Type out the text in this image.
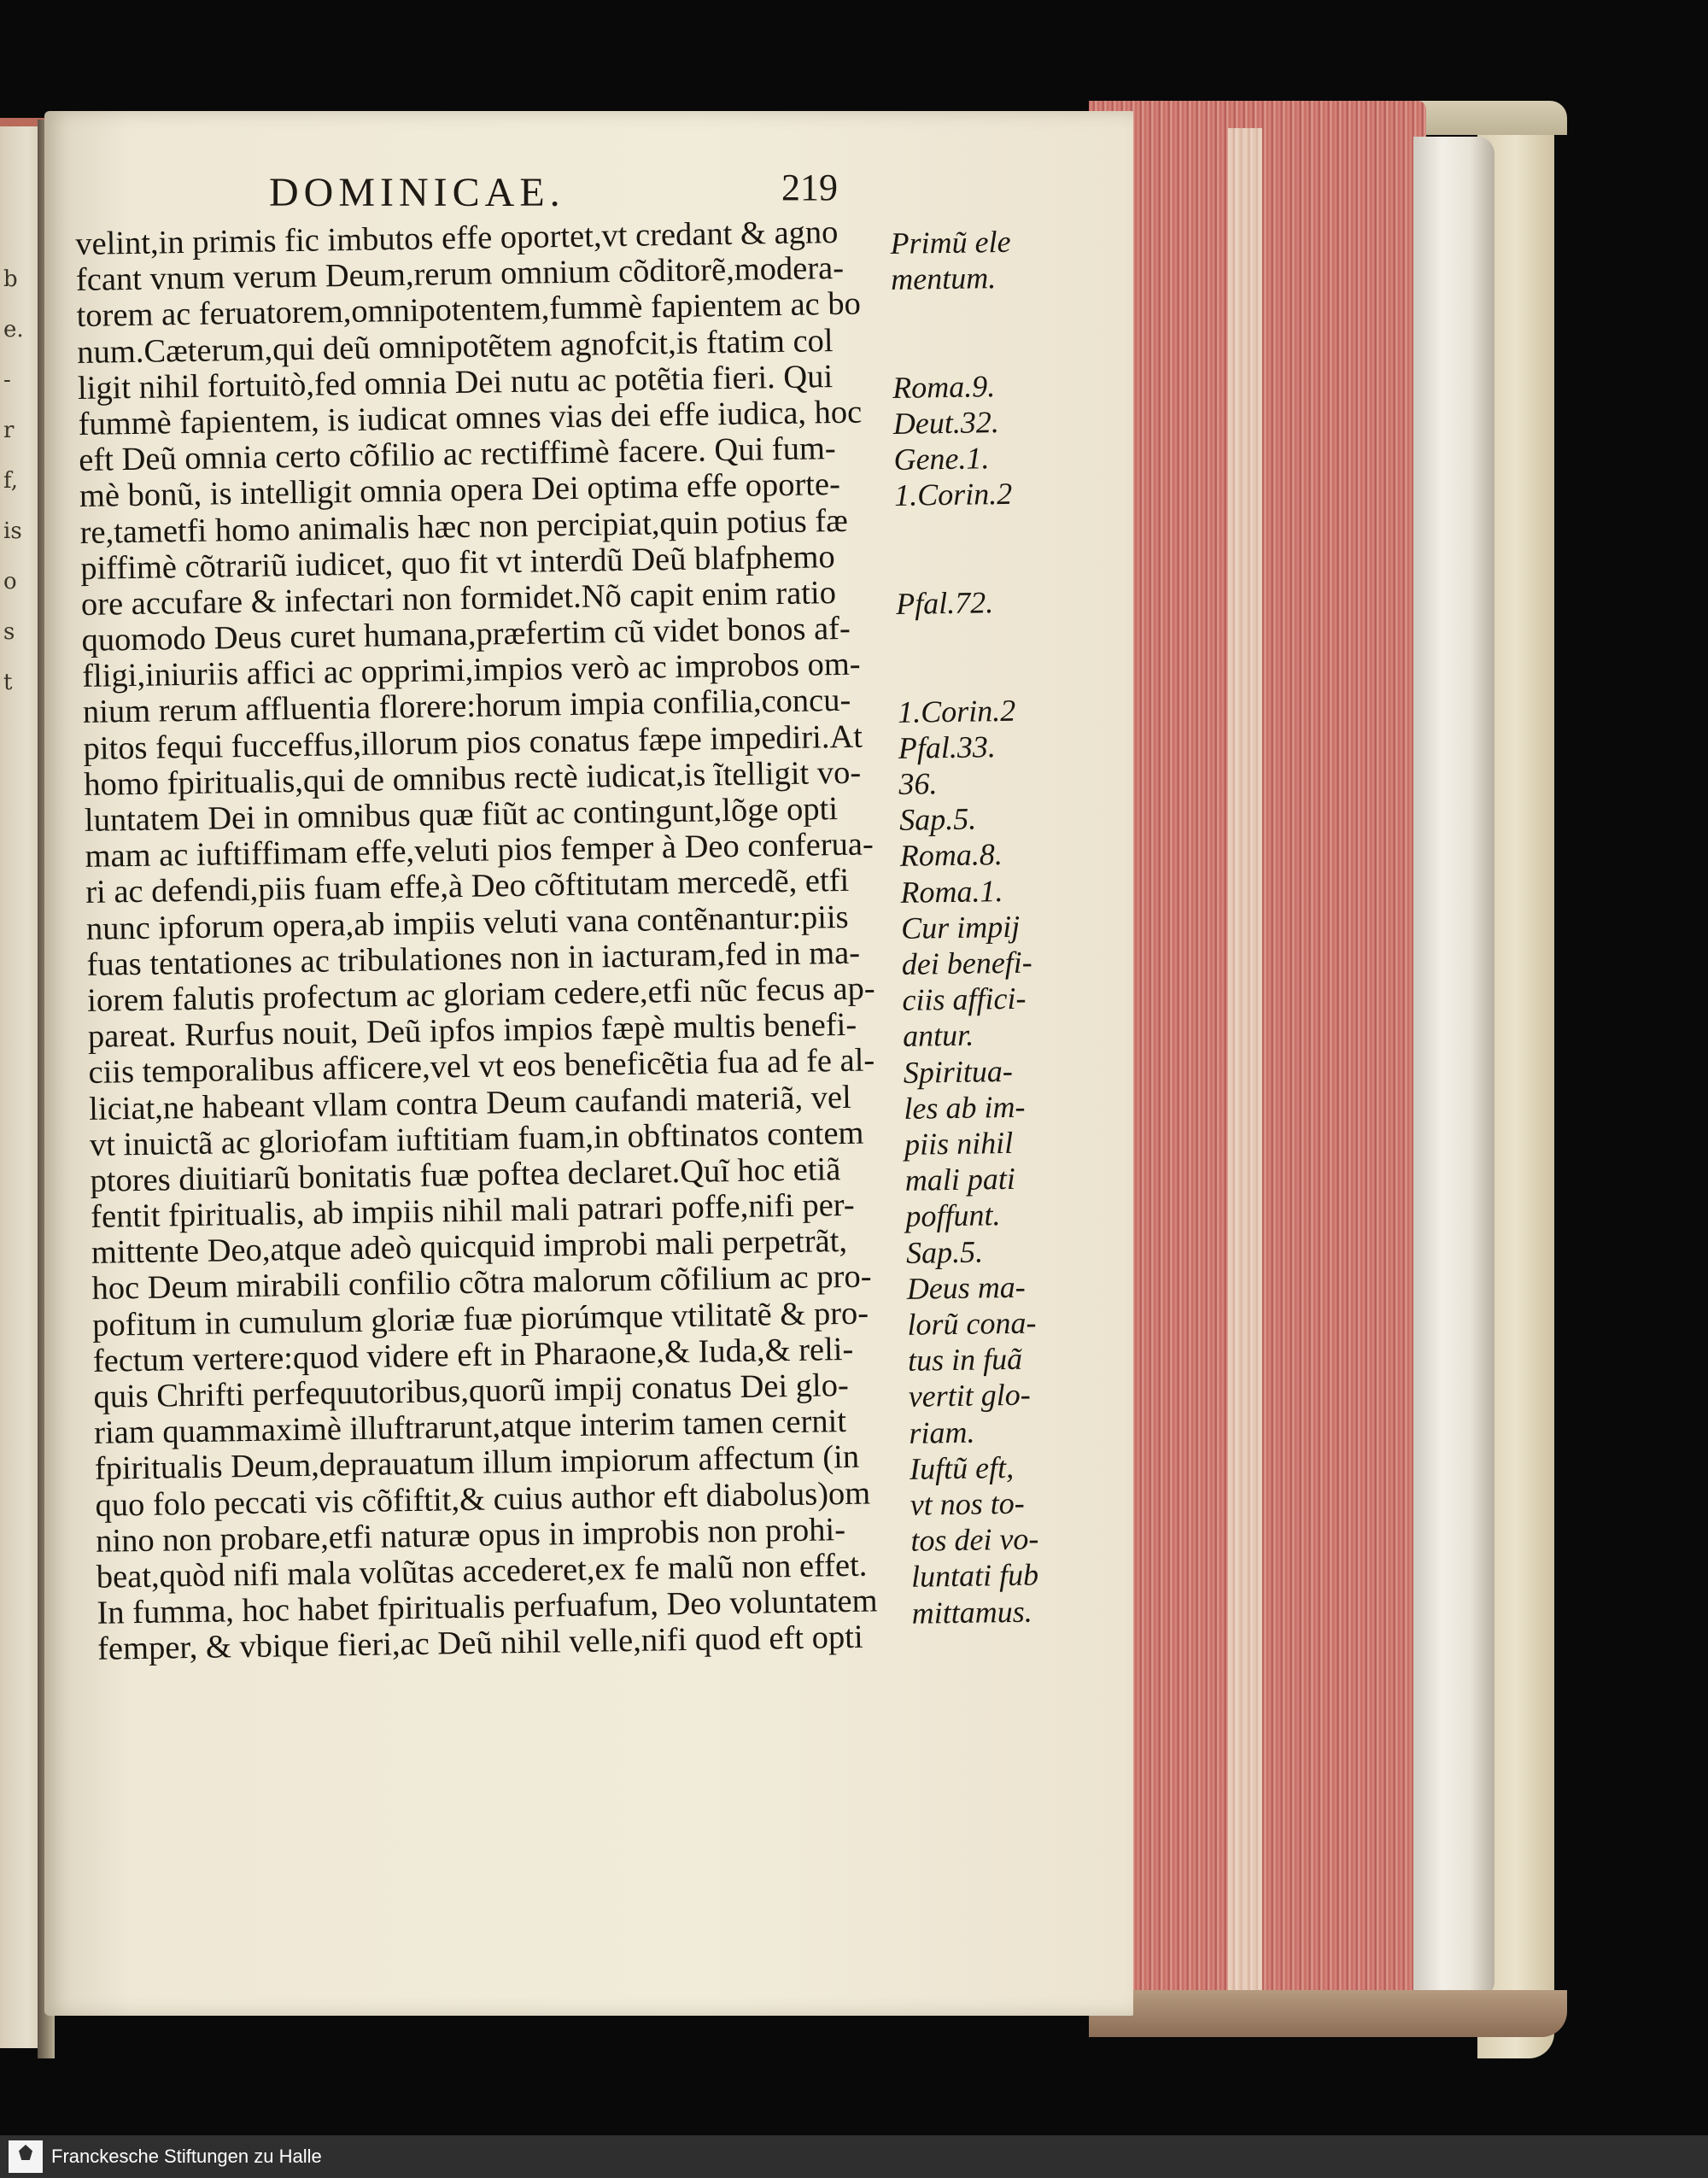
b
e.
-
r
f,
is
o
s
t
DOMINICAE.	219
velint,in primis fic imbutos effe oportet,vt credant & agno
fcant vnum verum Deum,rerum omnium cõditorẽ,modera-
torem ac feruatorem,omnipotentem,fummè fapientem ac bo
num.Cæterum,qui deũ omnipotẽtem agnofcit,is ftatim col
ligit nihil fortuitò,fed omnia Dei nutu ac potẽtia fieri. Qui
fummè fapientem, is iudicat omnes vias dei effe iudica, hoc
eft Deũ omnia certo cõfilio ac rectiffimè facere. Qui fum-
mè bonũ, is intelligit omnia opera Dei optima effe oporte-
re,tametfi homo animalis hæc non percipiat,quin potius fæ
piffimè cõtrariũ iudicet, quo fit vt interdũ Deũ blafphemo
ore accufare & infectari non formidet.Nõ capit enim ratio
quomodo Deus curet humana,præfertim cũ videt bonos af-
fligi,iniuriis affici ac opprimi,impios verò ac improbos om-
nium rerum affluentia florere:horum impia confilia,concu-
pitos fequi fucceffus,illorum pios conatus fæpe impediri.At
homo fpiritualis,qui de omnibus rectè iudicat,is ĩtelligit vo-
luntatem Dei in omnibus quæ fiũt ac contingunt,lõge opti
mam ac iuftiffimam effe,veluti pios femper à Deo conferua-
ri ac defendi,piis fuam effe,à Deo cõftitutam mercedẽ, etfi
nunc ipforum opera,ab impiis veluti vana contẽnantur:piis
fuas tentationes ac tribulationes non in iacturam,fed in ma-
iorem falutis profectum ac gloriam cedere,etfi nũc fecus ap-
pareat. Rurfus nouit, Deũ ipfos impios fæpè multis benefi-
ciis temporalibus afficere,vel vt eos beneficẽtia fua ad fe al-
liciat,ne habeant vllam contra Deum caufandi materiã, vel
vt inuictã ac gloriofam iuftitiam fuam,in obftinatos contem
ptores diuitiarũ bonitatis fuæ poftea declaret.Quĩ hoc etiã
fentit fpiritualis, ab impiis nihil mali patrari poffe,nifi per-
mittente Deo,atque adeò quicquid improbi mali perpetrãt,
hoc Deum mirabili confilio cõtra malorum cõfilium ac pro-
pofitum in cumulum gloriæ fuæ piorúmque vtilitatẽ & pro-
fectum vertere:quod videre eft in Pharaone,& Iuda,& reli-
quis Chrifti perfequutoribus,quorũ impij conatus Dei glo-
riam quammaximè illuftrarunt,atque interim tamen cernit
fpiritualis Deum,deprauatum illum impiorum affectum (in
quo folo peccati vis cõfiftit,& cuius author eft diabolus)om
nino non probare,etfi naturæ opus in improbis non prohi-
beat,quòd nifi mala volũtas accederet,ex fe malũ non effet.
In fumma, hoc habet fpiritualis perfuafum, Deo voluntatem
femper, & vbique fieri,ac Deũ nihil velle,nifi quod eft opti
Primũ ele
mentum.
Roma.9.
Deut.32.
Gene.1.
1.Corin.2
Pfal.72.
1.Corin.2
Pfal.33.
36.
Sap.5.
Roma.8.
Roma.1.
Cur impij
dei benefi-
ciis affici-
antur.
Spiritua-
les ab im-
piis nihil
mali pati
poffunt.
Sap.5.
Deus ma-
lorũ cona-
tus in fuã
vertit glo-
riam.
Iuftũ eft,
vt nos to-
tos dei vo-
luntati fub
mittamus.
Franckesche Stiftungen zu Halle
